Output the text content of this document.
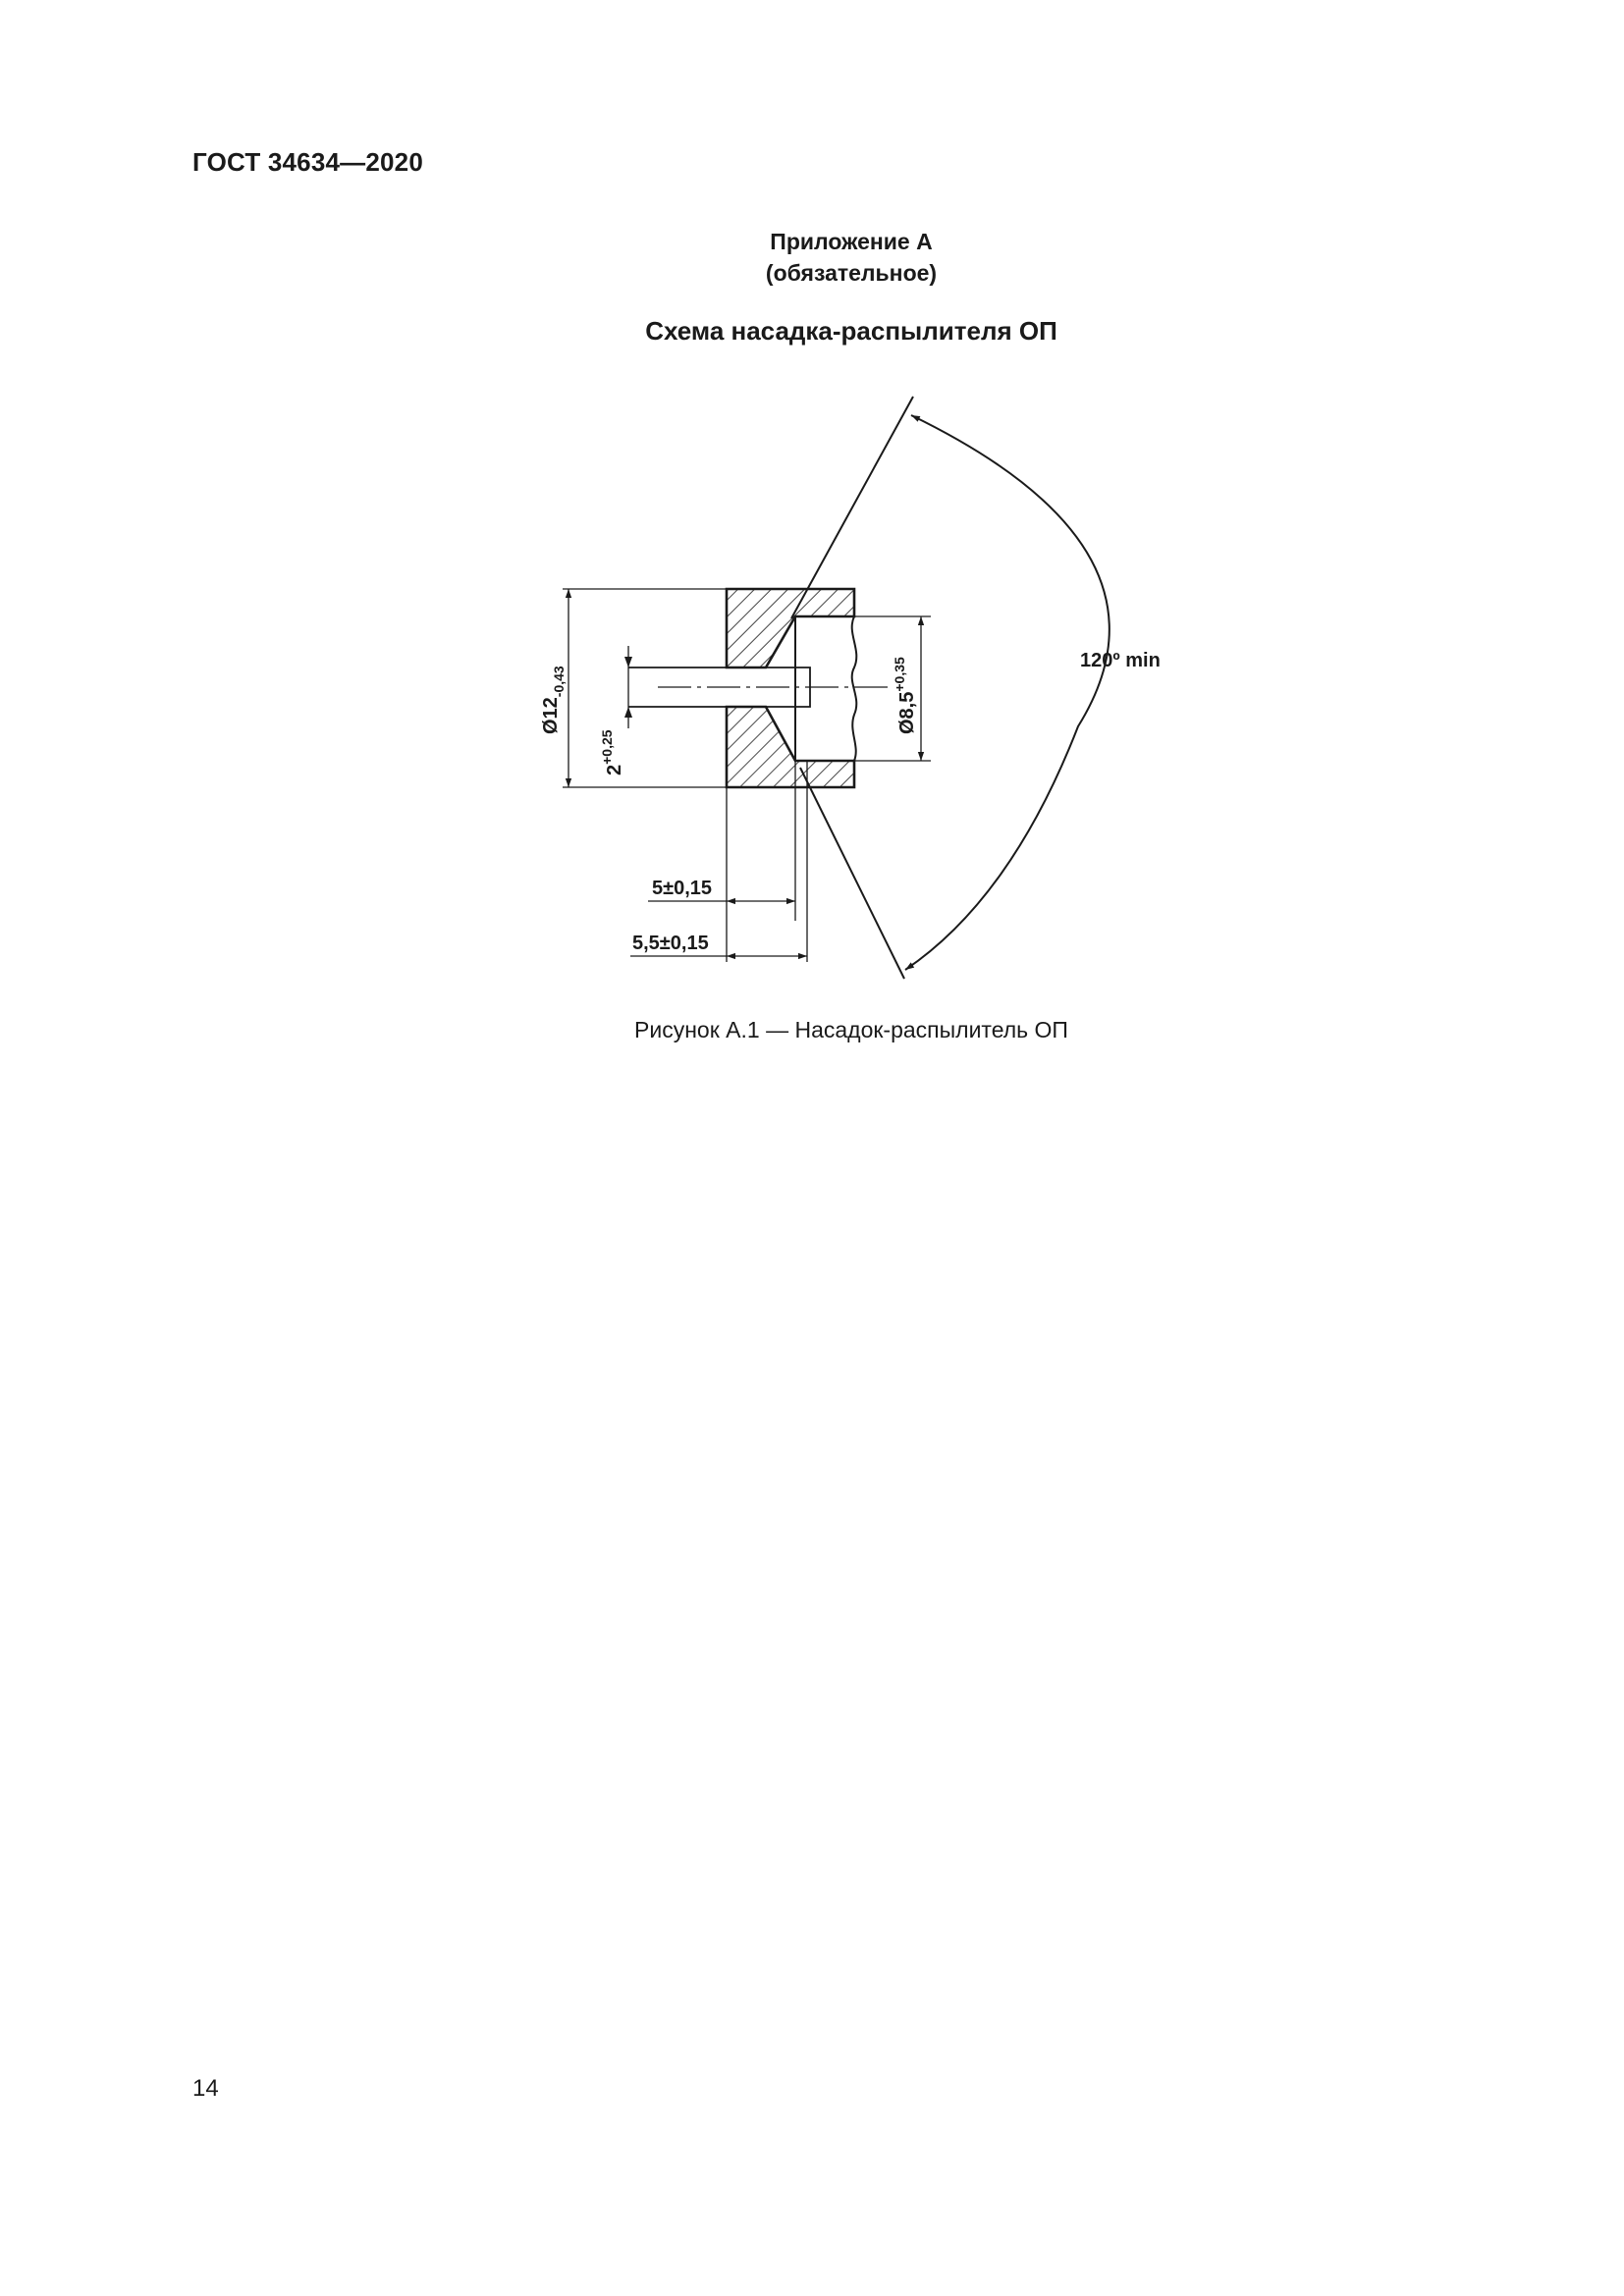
ГОСТ 34634—2020
Приложение А
(обязательное)
Схема насадка-распылителя ОП
120º min
Ø12-0,43
2+0,25
Ø8,5+0,35
5±0,15
5,5±0,15
Рисунок А.1 — Насадок-распылитель ОП
14
